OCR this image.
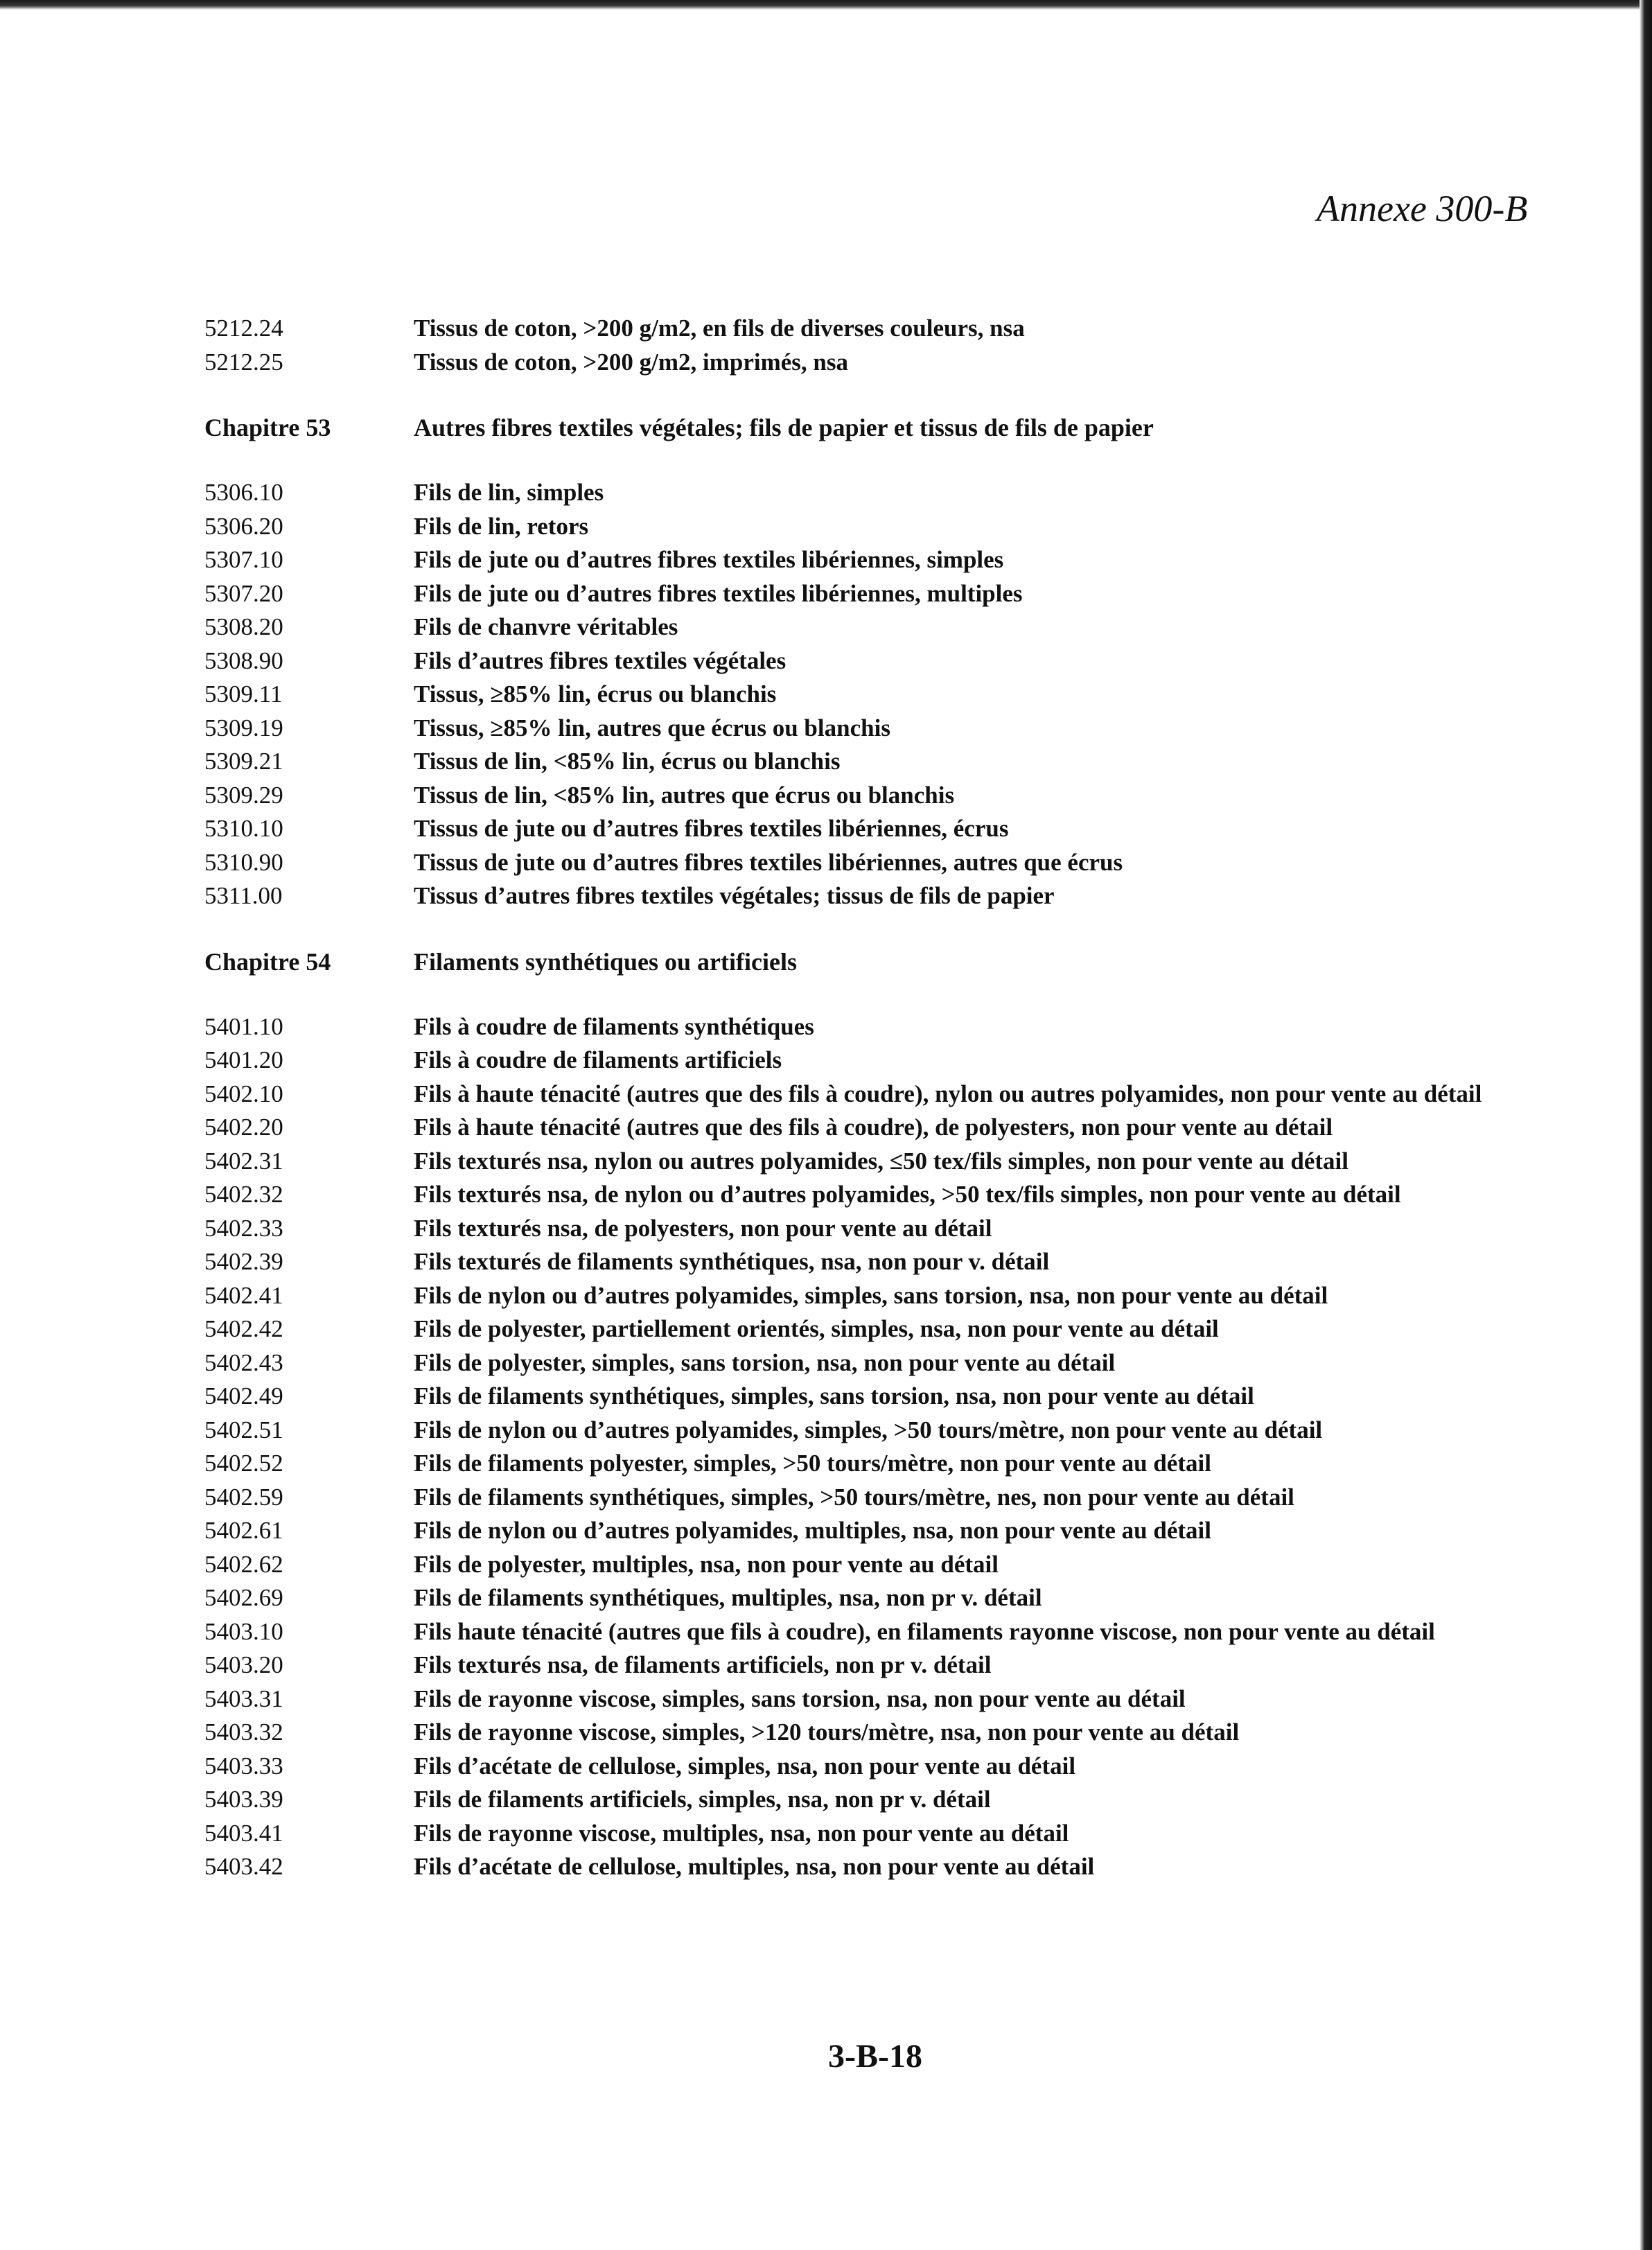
Annexe 300-B
5212.24	Tissus de coton, >200 g/m2, en fils de diverses couleurs, nsa
5212.25	Tissus de coton, >200 g/m2, imprimés, nsa
Chapitre 53	Autres fibres textiles végétales; fils de papier et tissus de fils de papier
5306.10	Fils de lin, simples
5306.20	Fils de lin, retors
5307.10	Fils de jute ou d’autres fibres textiles libériennes, simples
5307.20	Fils de jute ou d’autres fibres textiles libériennes, multiples
5308.20	Fils de chanvre véritables
5308.90	Fils d’autres fibres textiles végétales
5309.11	Tissus, ≥85% lin, écrus ou blanchis
5309.19	Tissus, ≥85% lin, autres que écrus ou blanchis
5309.21	Tissus de lin, <85% lin, écrus ou blanchis
5309.29	Tissus de lin, <85% lin, autres que écrus ou blanchis
5310.10	Tissus de jute ou d’autres fibres textiles libériennes, écrus
5310.90	Tissus de jute ou d’autres fibres textiles libériennes, autres que écrus
5311.00	Tissus d’autres fibres textiles végétales; tissus de fils de papier
Chapitre 54	Filaments synthétiques ou artificiels
5401.10	Fils à coudre de filaments synthétiques
5401.20	Fils à coudre de filaments artificiels
5402.10	Fils à haute ténacité (autres que des fils à coudre), nylon ou autres polyamides, non pour vente au détail
5402.20	Fils à haute ténacité (autres que des fils à coudre), de polyesters, non pour vente au détail
5402.31	Fils texturés nsa, nylon ou autres polyamides, ≤50 tex/fils simples, non pour vente au détail
5402.32	Fils texturés nsa, de nylon ou d’autres polyamides, >50 tex/fils simples, non pour vente au détail
5402.33	Fils texturés nsa, de polyesters, non pour vente au détail
5402.39	Fils texturés de filaments synthétiques, nsa, non pour v. détail
5402.41	Fils de nylon ou d’autres polyamides, simples, sans torsion, nsa, non pour vente au détail
5402.42	Fils de polyester, partiellement orientés, simples, nsa, non pour vente au détail
5402.43	Fils de polyester, simples, sans torsion, nsa, non pour vente au détail
5402.49	Fils de filaments synthétiques, simples, sans torsion, nsa, non pour vente au détail
5402.51	Fils de nylon ou d’autres polyamides, simples, >50 tours/mètre, non pour vente au détail
5402.52	Fils de filaments polyester, simples, >50 tours/mètre, non pour vente au détail
5402.59	Fils de filaments synthétiques, simples, >50 tours/mètre, nes, non pour vente au détail
5402.61	Fils de nylon ou d’autres polyamides, multiples, nsa, non pour vente au détail
5402.62	Fils de polyester, multiples, nsa, non pour vente au détail
5402.69	Fils de filaments synthétiques, multiples, nsa, non pr v. détail
5403.10	Fils haute ténacité (autres que fils à coudre), en filaments rayonne viscose, non pour vente au détail
5403.20	Fils texturés nsa, de filaments artificiels, non pr v. détail
5403.31	Fils de rayonne viscose, simples, sans torsion, nsa, non pour vente au détail
5403.32	Fils de rayonne viscose, simples, >120 tours/mètre, nsa, non pour vente au détail
5403.33	Fils d’acétate de cellulose, simples, nsa, non pour vente au détail
5403.39	Fils de filaments artificiels, simples, nsa, non pr v. détail
5403.41	Fils de rayonne viscose, multiples, nsa, non pour vente au détail
5403.42	Fils d’acétate de cellulose, multiples, nsa, non pour vente au détail
3-B-18
